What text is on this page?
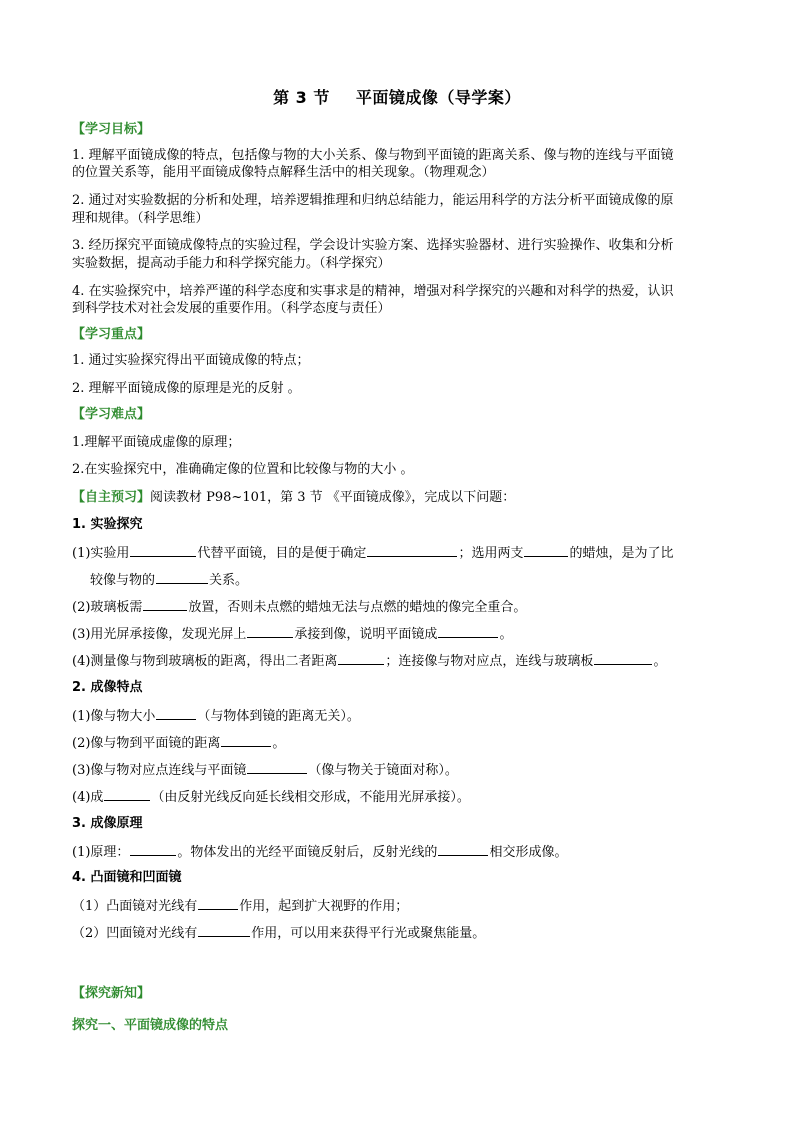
第 3 节 平面镜成像（导学案）
【学习目标】
1. 理解平面镜成像的特点，包括像与物的大小关系、像与物到平面镜的距离关系、像与物的连线与平面镜
的位置关系等，能用平面镜成像特点解释生活中的相关现象。（物理观念）
2. 通过对实验数据的分析和处理，培养逻辑推理和归纳总结能力，能运用科学的方法分析平面镜成像的原
理和规律。（科学思维）
3. 经历探究平面镜成像特点的实验过程，学会设计实验方案、选择实验器材、进行实验操作、收集和分析
实验数据，提高动手能力和科学探究能力。（科学探究）
4. 在实验探究中，培养严谨的科学态度和实事求是的精神，增强对科学探究的兴趣和对科学的热爱，认识
到科学技术对社会发展的重要作用。（科学态度与责任）
【学习重点】
1. 通过实验探究得出平面镜成像的特点；
2. 理解平面镜成像的原理是光的反射 。
【学习难点】
1.理解平面镜成虚像的原理；
2.在实验探究中，准确确定像的位置和比较像与物的大小 。
【自主预习】阅读教材 P98~101，第 3 节 《平面镜成像》，完成以下问题：
1. 实验探究
(1)实验用	代替平面镜，目的是便于确定	；选用两支	的蜡烛，是为了比
较像与物的	关系。
(2)玻璃板需	放置，否则未点燃的蜡烛无法与点燃的蜡烛的像完全重合。
(3)用光屏承接像，发现光屏上	承接到像，说明平面镜成	。
(4)测量像与物到玻璃板的距离，得出二者距离	；连接像与物对应点，连线与玻璃板	。
2. 成像特点
(1)像与物大小	（与物体到镜的距离无关）。
(2)像与物到平面镜的距离	。
(3)像与物对应点连线与平面镜	（像与物关于镜面对称）。
(4)成	（由反射光线反向延长线相交形成，不能用光屏承接）。
3. 成像原理
(1)原理：	。物体发出的光经平面镜反射后，反射光线的	相交形成像。
4. 凸面镜和凹面镜
（1）凸面镜对光线有	作用，起到扩大视野的作用；
（2）凹面镜对光线有	作用，可以用来获得平行光或聚焦能量。
【探究新知】
探究一、平面镜成像的特点
